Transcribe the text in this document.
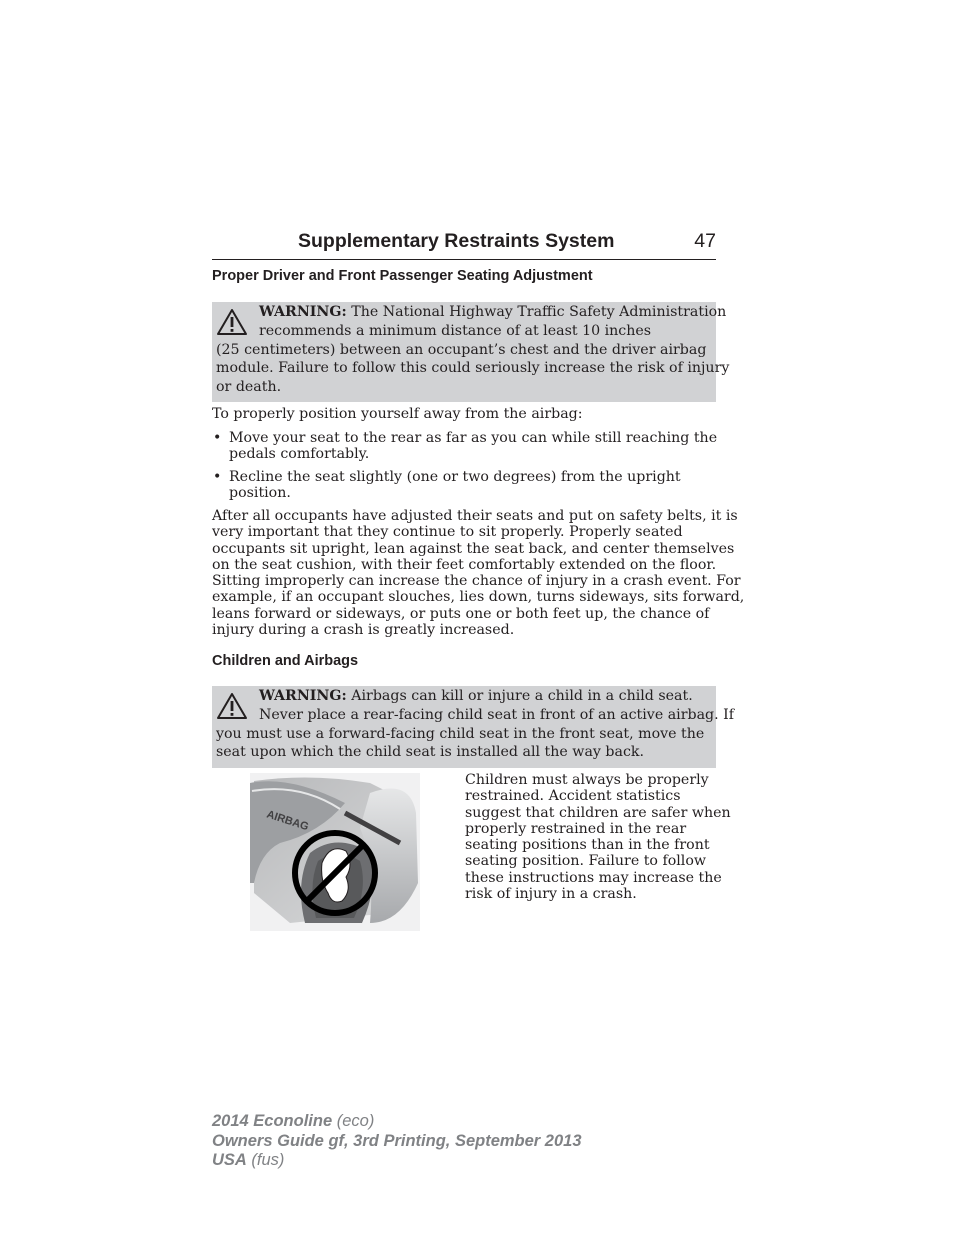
Supplementary Restraints System	47
Proper Driver and Front Passenger Seating Adjustment
WARNING: The National Highway Traffic Safety Administration
recommends a minimum distance of at least 10 inches
(25 centimeters) between an occupant’s chest and the driver airbag
module. Failure to follow this could seriously increase the risk of injury
or death.
To properly position yourself away from the airbag:
• Move your seat to the rear as far as you can while still reaching the
pedals comfortably.
• Recline the seat slightly (one or two degrees) from the upright
position.
After all occupants have adjusted their seats and put on safety belts, it is
very important that they continue to sit properly. Properly seated
occupants sit upright, lean against the seat back, and center themselves
on the seat cushion, with their feet comfortably extended on the floor.
Sitting improperly can increase the chance of injury in a crash event. For
example, if an occupant slouches, lies down, turns sideways, sits forward,
leans forward or sideways, or puts one or both feet up, the chance of
injury during a crash is greatly increased.
Children and Airbags
WARNING: Airbags can kill or injure a child in a child seat.
Never place a rear-facing child seat in front of an active airbag. If
you must use a forward-facing child seat in the front seat, move the
seat upon which the child seat is installed all the way back.
AIRBAG
Children must always be properly
restrained. Accident statistics
suggest that children are safer when
properly restrained in the rear
seating positions than in the front
seating position. Failure to follow
these instructions may increase the
risk of injury in a crash.
2014 Econoline (eco)
Owners Guide gf, 3rd Printing, September 2013
USA (fus)
